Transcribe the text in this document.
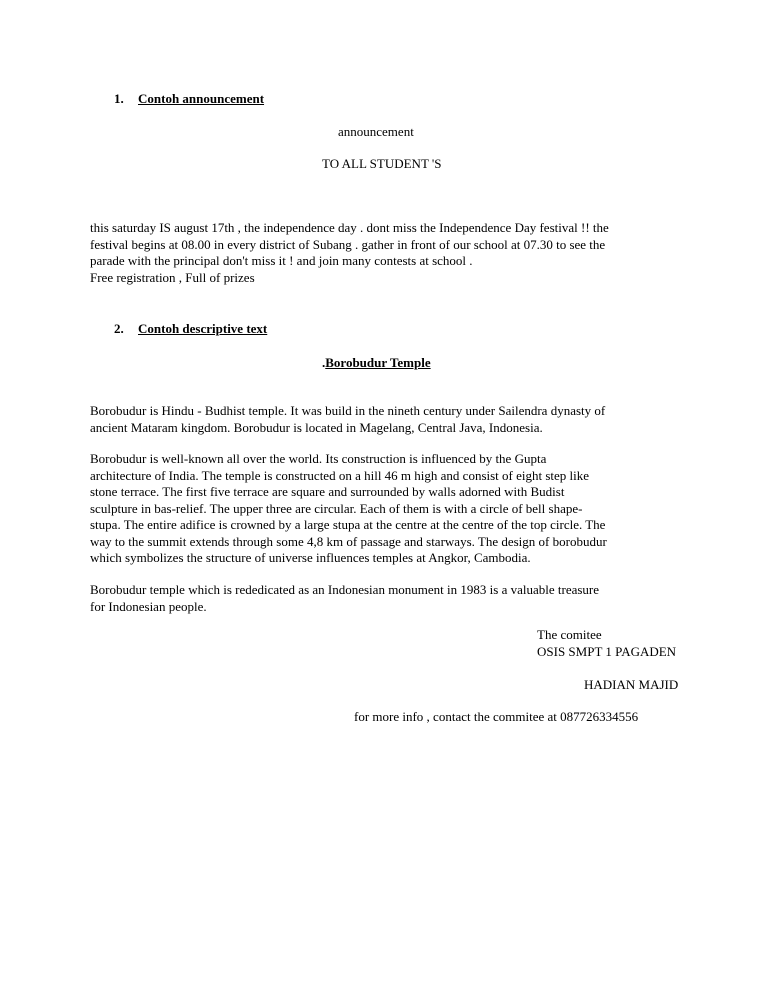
1. Contoh announcement
announcement
TO ALL STUDENT 'S
this saturday IS august 17th , the independence day . dont miss the Independence Day festival !! the
festival begins at 08.00 in every district of Subang . gather in front of our school at 07.30 to see the
parade with the principal don't miss it ! and join many contests at school .
Free registration , Full of prizes
2. Contoh descriptive text
.Borobudur Temple
Borobudur is Hindu - Budhist temple. It was build in the nineth century under Sailendra dynasty of
ancient Mataram kingdom. Borobudur is located in Magelang, Central Java, Indonesia.
Borobudur is well-known all over the world. Its construction is influenced by the Gupta
architecture of India. The temple is constructed on a hill 46 m high and consist of eight step like
stone terrace. The first five terrace are square and surrounded by walls adorned with Budist
sculpture in bas-relief. The upper three are circular. Each of them is with a circle of bell shape-
stupa. The entire adifice is crowned by a large stupa at the centre at the centre of the top circle. The
way to the summit extends through some 4,8 km of passage and starways. The design of borobudur
which symbolizes the structure of universe influences temples at Angkor, Cambodia.
Borobudur temple which is rededicated as an Indonesian monument in 1983 is a valuable treasure
for Indonesian people.
The comitee
OSIS SMPT 1 PAGADEN
HADIAN MAJID
for more info , contact the commitee at 087726334556
